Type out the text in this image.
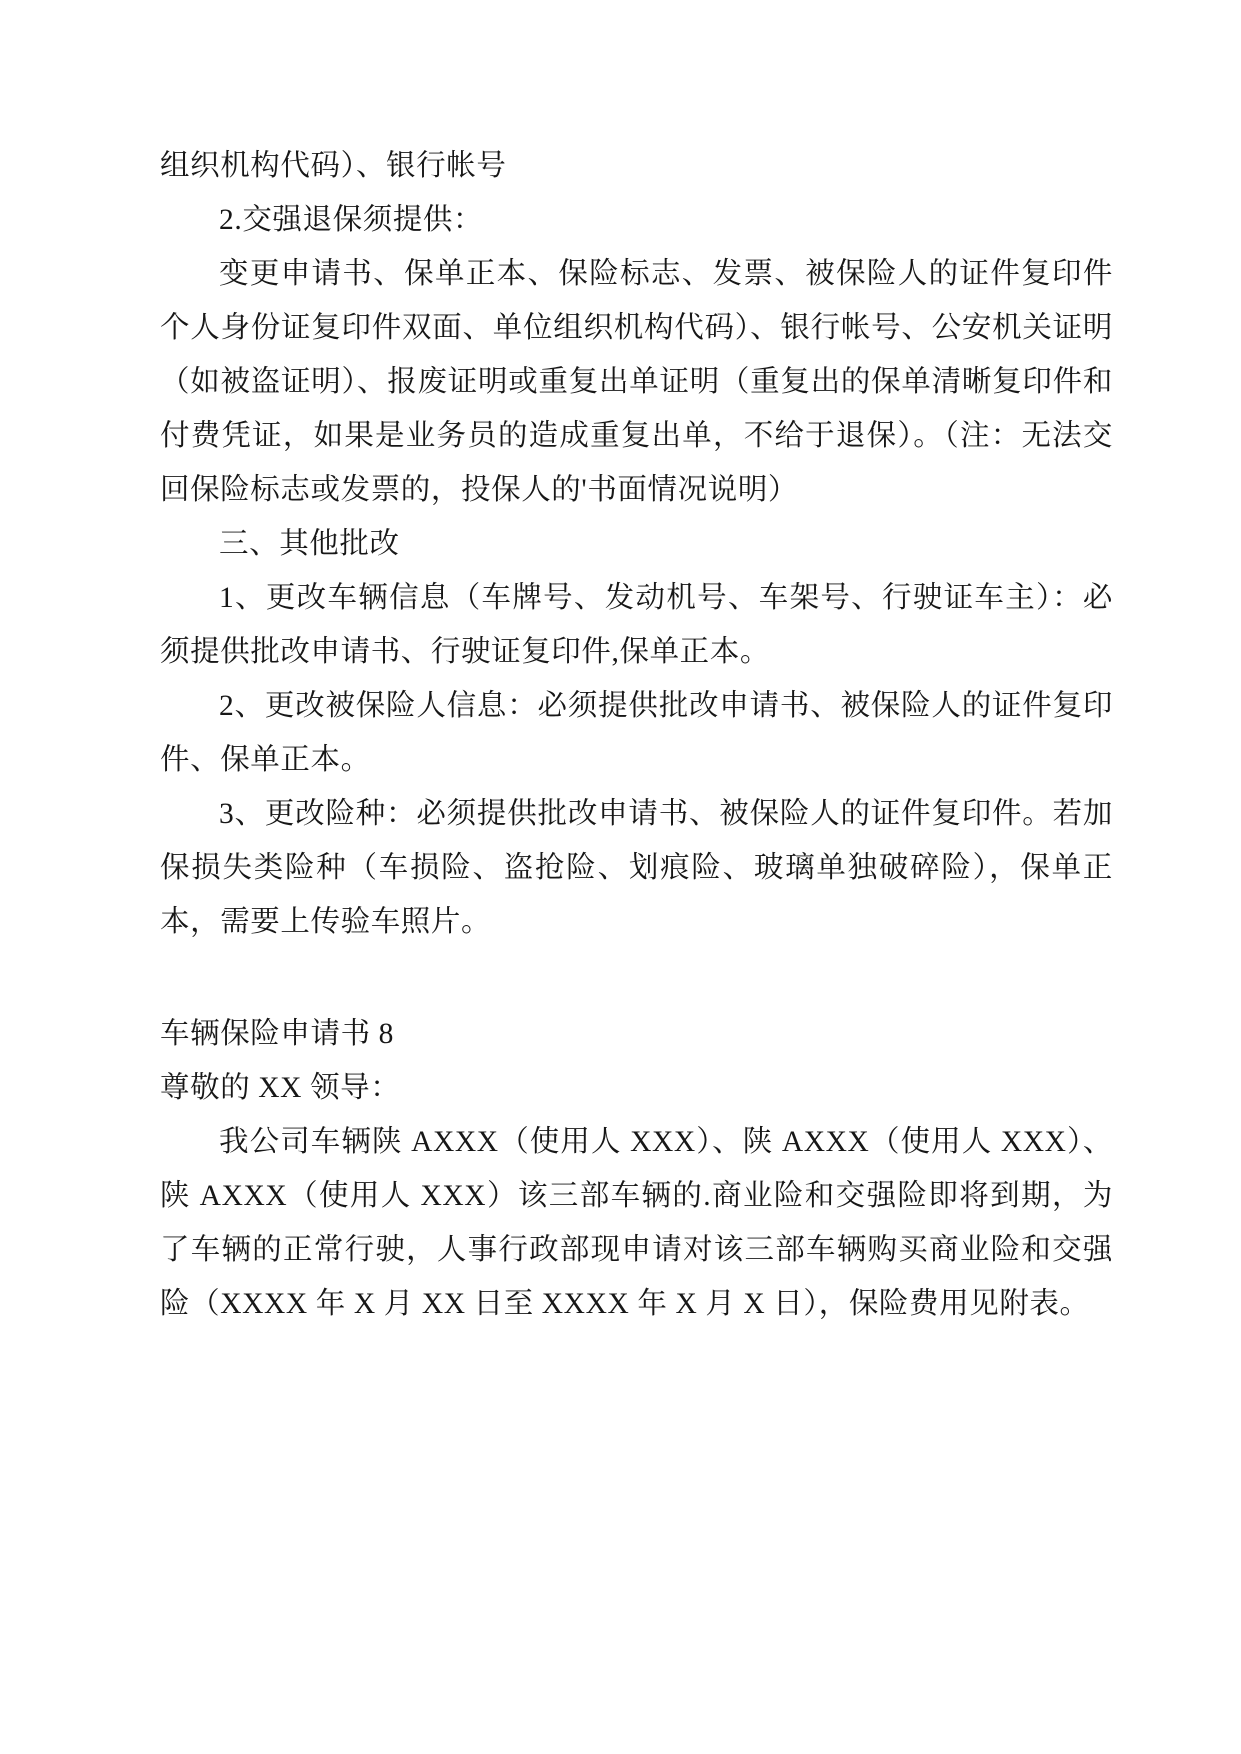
组织机构代码）、银行帐号

2.交强退保须提供：

变更申请书、保单正本、保险标志、发票、被保险人的证件复印件个人身份证复印件双面、单位组织机构代码）、银行帐号、公安机关证明（如被盗证明）、报废证明或重复出单证明（重复出的保单清晰复印件和付费凭证，如果是业务员的造成重复出单，不给于退保）。（注：无法交回保险标志或发票的，投保人的'书面情况说明）

三、其他批改

1、更改车辆信息（车牌号、发动机号、车架号、行驶证车主）：必须提供批改申请书、行驶证复印件,保单正本。

2、更改被保险人信息：必须提供批改申请书、被保险人的证件复印件、保单正本。

3、更改险种：必须提供批改申请书、被保险人的证件复印件。若加保损失类险种（车损险、盗抢险、划痕险、玻璃单独破碎险），保单正本，需要上传验车照片。

车辆保险申请书 8

尊敬的 XX 领导：

我公司车辆陕 AXXX（使用人 XXX）、陕 AXXX（使用人 XXX）、陕 AXXX（使用人 XXX）该三部车辆的.商业险和交强险即将到期，为了车辆的正常行驶，人事行政部现申请对该三部车辆购买商业险和交强险（XXXX 年 X 月 XX 日至 XXXX 年 X 月 X 日），保险费用见附表。
